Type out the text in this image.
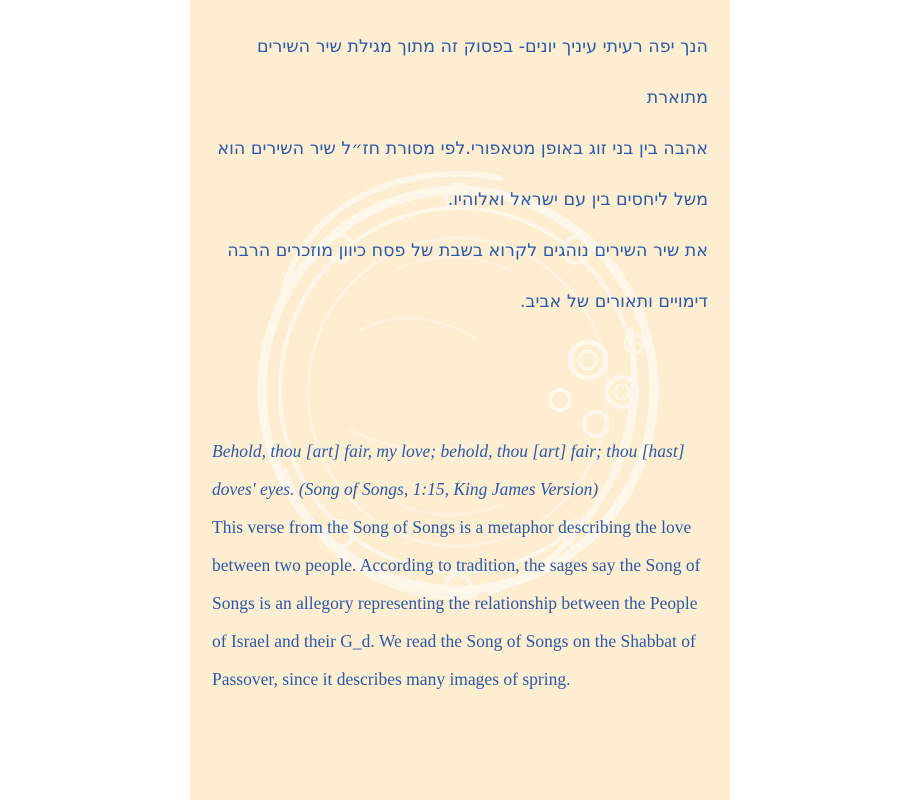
הנך יפה רעיתי עיניך יונים- בפסוק זה מתוך מגילת שיר השירים מתוארת

אהבה בין בני זוג באופן מטאפורי.לפי מסורת חז״ל שיר השירים הוא

משל ליחסים בין עם ישראל ואלוהיו.

את שיר השירים נוהגים לקרוא בשבת של פסח כיוון מוזכרים הרבה

דימויים ותאורים של אביב.

Behold, thou [art] fair, my love; behold, thou [art] fair; thou [hast] doves' eyes. (Song of Songs, 1:15, King James Version)

This verse from the Song of Songs is a metaphor describing the love between two people. According to tradition, the sages say the Song of Songs is an allegory representing the relationship between the People of Israel and their G_d. We read the Song of Songs on the Shabbat of Passover, since it describes many images of spring.
